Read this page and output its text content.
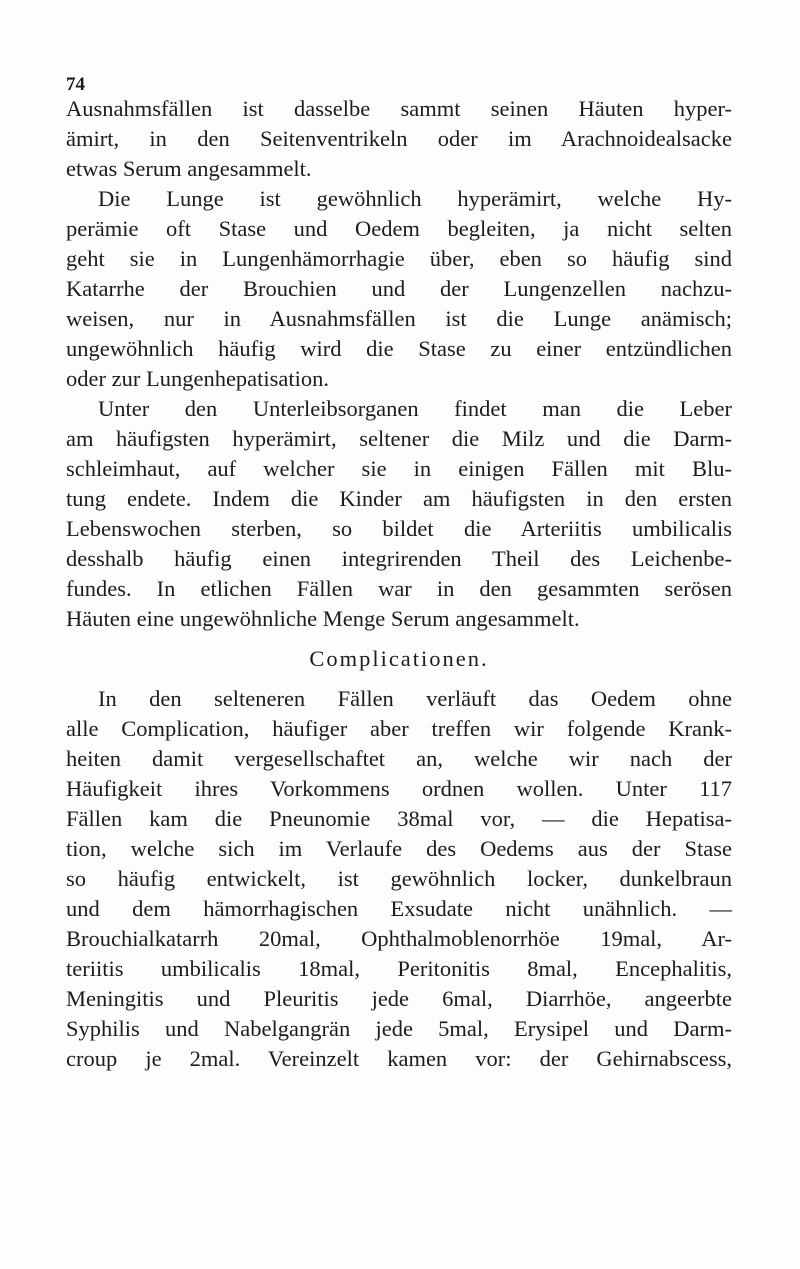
74
Ausnahmsfällen ist dasselbe sammt seinen Häuten hyper-
ämirt, in den Seitenventrikeln oder im Arachnoidealsacke
etwas Serum angesammelt.
Die Lunge ist gewöhnlich hyperämirt, welche Hy-
perämie oft Stase und Oedem begleiten, ja nicht selten
geht sie in Lungenhämorrhagie über, eben so häufig sind
Katarrhe der Brouchien und der Lungenzellen nachzu-
weisen, nur in Ausnahmsfällen ist die Lunge anämisch;
ungewöhnlich häufig wird die Stase zu einer entzündlichen
oder zur Lungenhepatisation.
Unter den Unterleibsorganen findet man die Leber
am häufigsten hyperämirt, seltener die Milz und die Darm-
schleimhaut, auf welcher sie in einigen Fällen mit Blu-
tung endete. Indem die Kinder am häufigsten in den ersten
Lebenswochen sterben, so bildet die Arteriitis umbilicalis
desshalb häufig einen integrirenden Theil des Leichenbe-
fundes. In etlichen Fällen war in den gesammten serösen
Häuten eine ungewöhnliche Menge Serum angesammelt.
Complicationen.
In den selteneren Fällen verläuft das Oedem ohne
alle Complication, häufiger aber treffen wir folgende Krank-
heiten damit vergesellschaftet an, welche wir nach der
Häufigkeit ihres Vorkommens ordnen wollen. Unter 117
Fällen kam die Pneunomie 38mal vor, — die Hepatisa-
tion, welche sich im Verlaufe des Oedems aus der Stase
so häufig entwickelt, ist gewöhnlich locker, dunkelbraun
und dem hämorrhagischen Exsudate nicht unähnlich. —
Brouchialkatarrh 20mal, Ophthalmoblenorrhöe 19mal, Ar-
teriitis umbilicalis 18mal, Peritonitis 8mal, Encephalitis,
Meningitis und Pleuritis jede 6mal, Diarrhöe, angeerbte
Syphilis und Nabelgangrän jede 5mal, Erysipel und Darm-
croup je 2mal. Vereinzelt kamen vor: der Gehirnabscess,
